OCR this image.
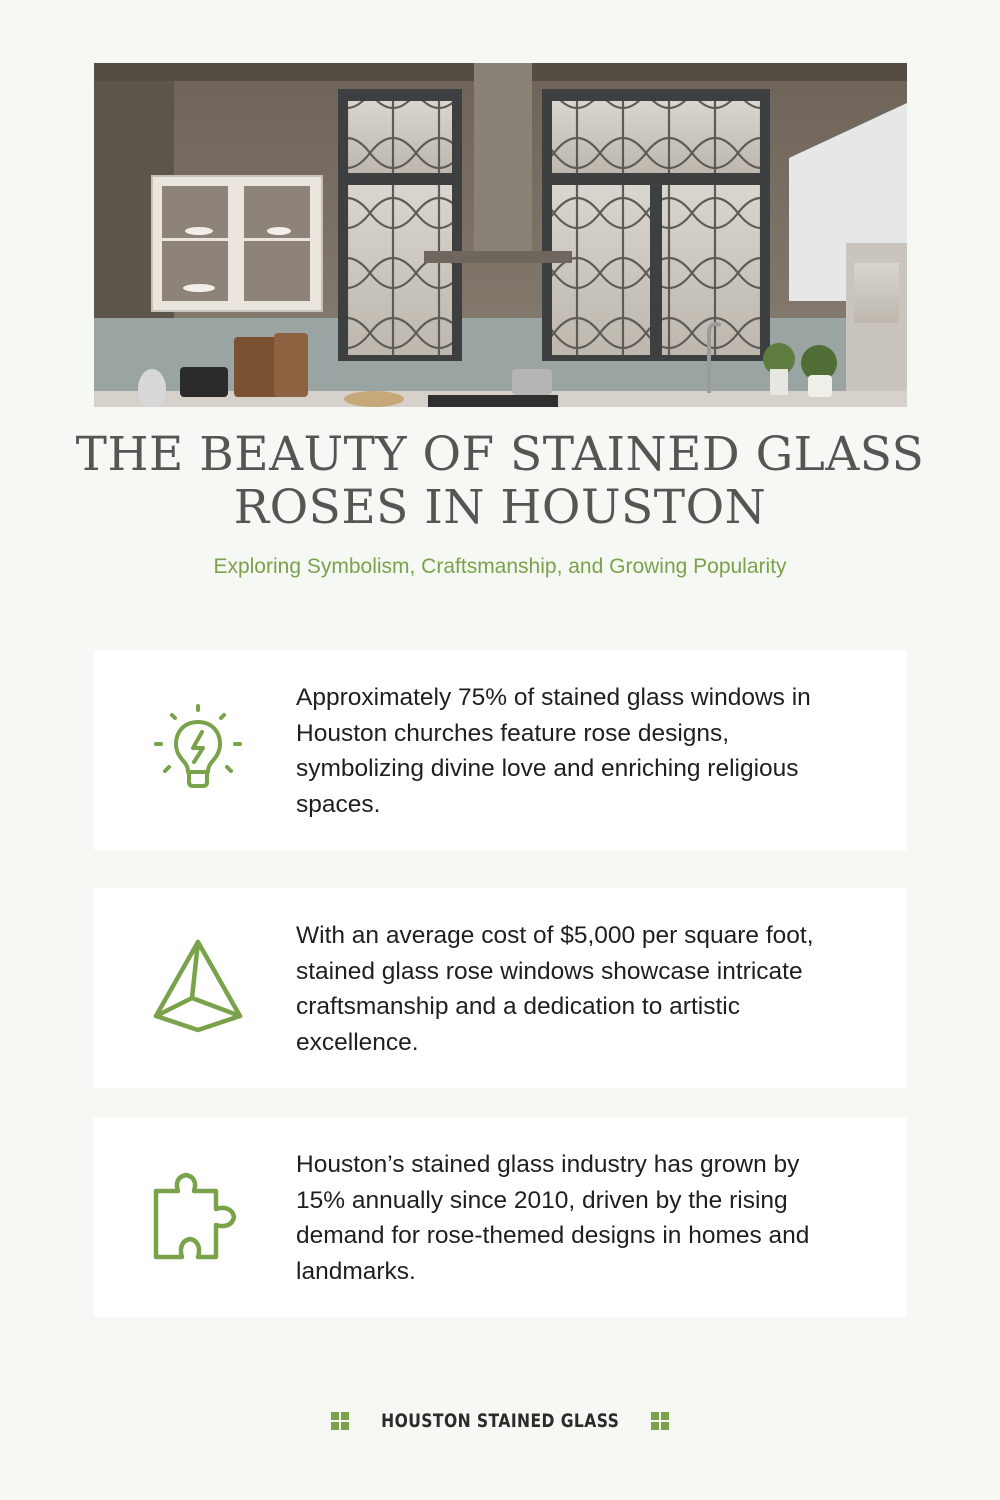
THE BEAUTY OF STAINED GLASS ROSES IN HOUSTON

Exploring Symbolism, Craftsmanship, and Growing Popularity

Approximately 75% of stained glass windows in Houston churches feature rose designs, symbolizing divine love and enriching religious spaces.

With an average cost of $5,000 per square foot, stained glass rose windows showcase intricate craftsmanship and a dedication to artistic excellence.

Houston’s stained glass industry has grown by 15% annually since 2010, driven by the rising demand for rose-themed designs in homes and landmarks.

HOUSTON STAINED GLASS
